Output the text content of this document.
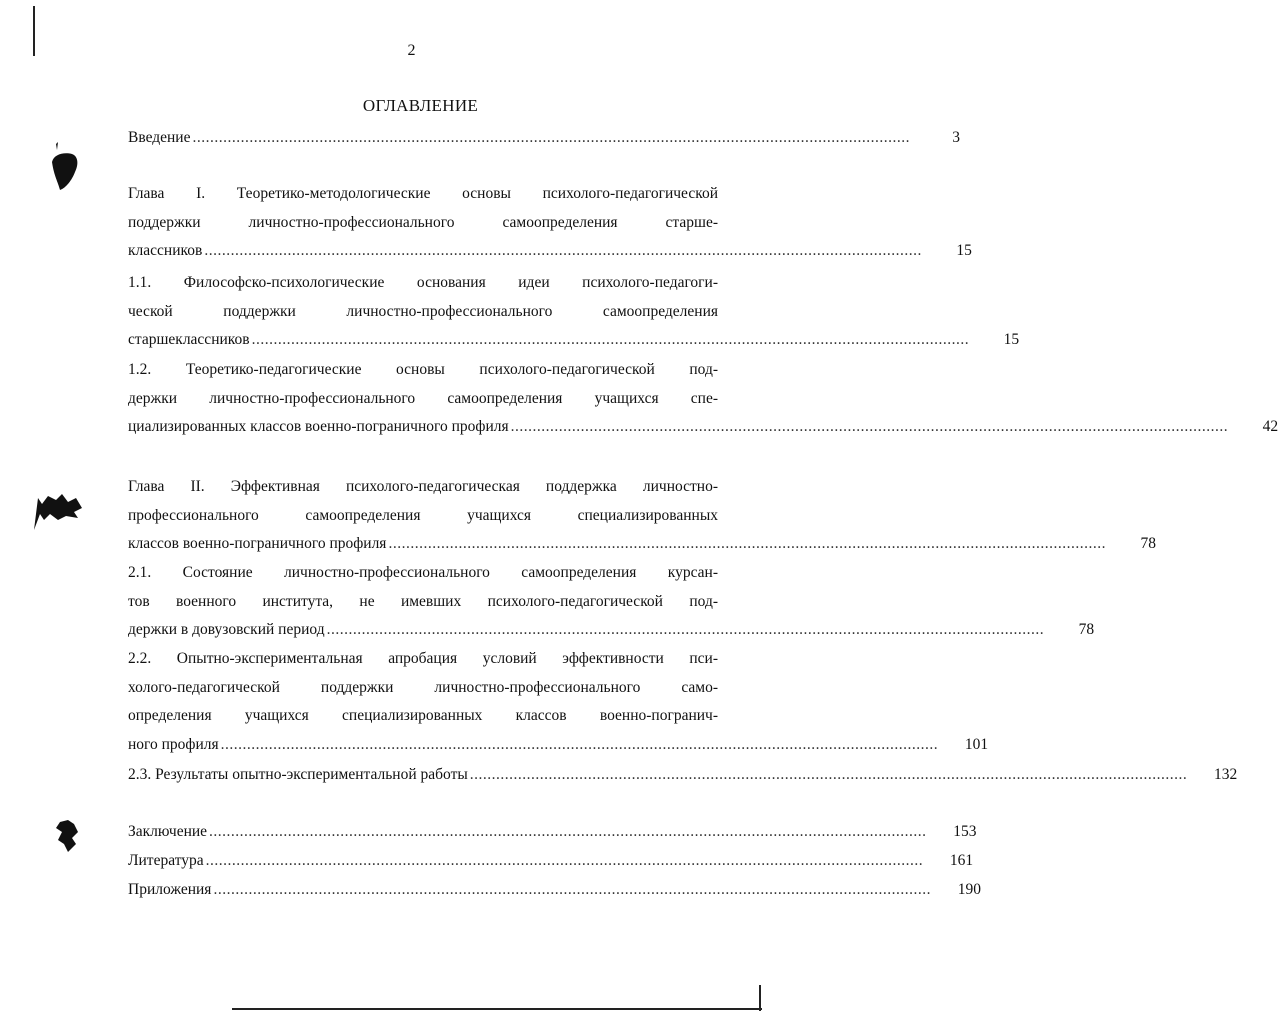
2
ОГЛАВЛЕНИЕ
Введение ....................................................................................................................................................................	3
Глава I. Теоретико-методологические основы психолого-педагогической
поддержки личностно-профессионального самоопределения старше-
классников ....................................................................................................................................................................	15
1.1. Философско-психологические основания идеи психолого-педагоги-
ческой поддержки личностно-профессионального самоопределения
старшеклассников ....................................................................................................................................................................	15
1.2. Теоретико-педагогические основы психолого-педагогической под-
держки личностно-профессионального самоопределения учащихся спе-
циализированных классов военно-пограничного профиля ....................................................................................................................................................................	42
Глава II. Эффективная психолого-педагогическая поддержка личностно-
профессионального самоопределения учащихся специализированных
классов военно-пограничного профиля ....................................................................................................................................................................	78
2.1. Состояние личностно-профессионального самоопределения курсан-
тов военного института, не имевших психолого-педагогической под-
держки в довузовский период ....................................................................................................................................................................	78
2.2. Опытно-экспериментальная апробация условий эффективности пси-
холого-педагогической поддержки личностно-профессионального само-
определения учащихся специализированных классов военно-погранич-
ного профиля ....................................................................................................................................................................	101
2.3. Результаты опытно-экспериментальной работы ....................................................................................................................................................................	132
Заключение ....................................................................................................................................................................	153
Литература ....................................................................................................................................................................	161
Приложения ....................................................................................................................................................................	190
